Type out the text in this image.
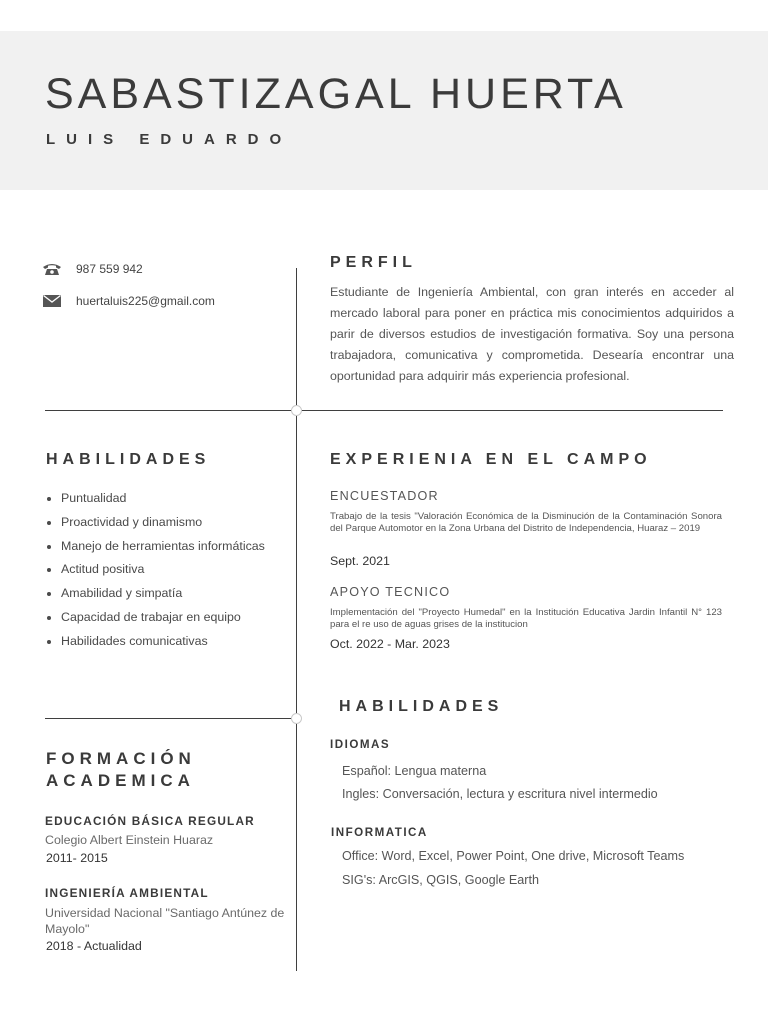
SABASTIZAGAL HUERTA
LUIS EDUARDO
987 559 942
huertaluis225@gmail.com
PERFIL
Estudiante de Ingeniería Ambiental, con gran interés en acceder al mercado laboral para poner en práctica mis conocimientos adquiridos a parir de diversos estudios de investigación formativa. Soy una persona trabajadora, comunicativa y comprometida. Desearía encontrar una oportunidad para adquirir más experiencia profesional.
HABILIDADES
• Puntualidad
• Proactividad y dinamismo
• Manejo de herramientas informáticas
• Actitud positiva
• Amabilidad y simpatía
• Capacidad de trabajar en equipo
• Habilidades comunicativas
EXPERIENIA EN EL CAMPO
ENCUESTADOR
Trabajo de la tesis "Valoración Económica de la Disminución de la Contaminación Sonora del Parque Automotor en la Zona Urbana del Distrito de Independencia, Huaraz – 2019
Sept. 2021
APOYO TECNICO
Implementación del "Proyecto Humedal" en la Institución Educativa Jardin Infantil N° 123 para el re uso de aguas grises de la institucion
Oct. 2022 - Mar. 2023
HABILIDADES
IDIOMAS
Español: Lengua materna
Ingles: Conversación, lectura y escritura nivel intermedio
INFORMATICA
Office: Word, Excel, Power Point, One drive, Microsoft Teams
SIG's: ArcGIS, QGIS, Google Earth
FORMACIÓN
ACADEMICA
EDUCACIÓN BÁSICA REGULAR
Colegio Albert Einstein Huaraz
2011- 2015
INGENIERÍA AMBIENTAL
Universidad Nacional "Santiago Antúnez de Mayolo"
2018 - Actualidad
